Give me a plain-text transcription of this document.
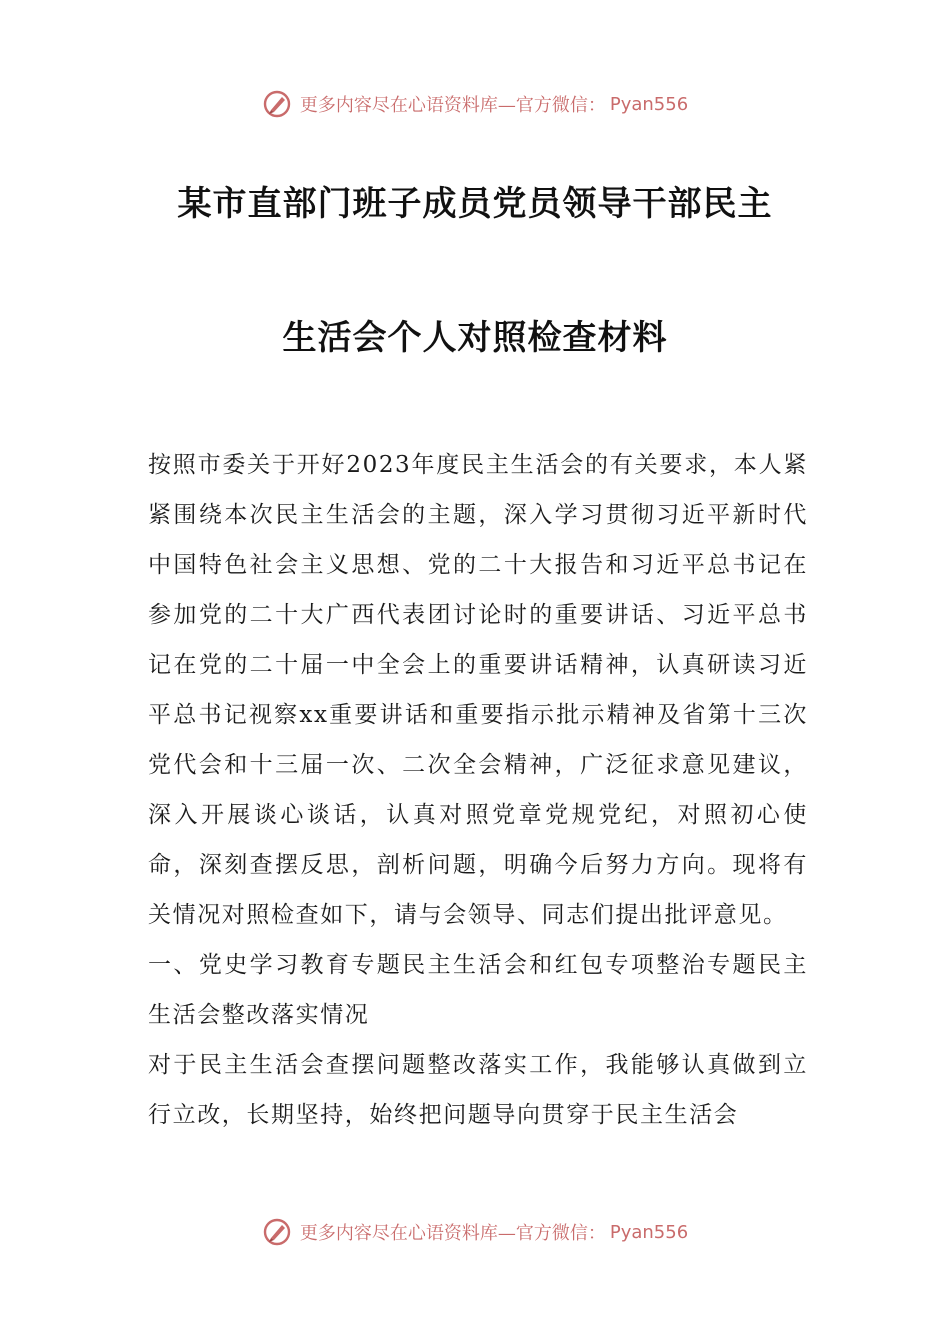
更多内容尽在心语资料库—官方微信： Pyan556
某市直部门班子成员党员领导干部民主
生活会个人对照检查材料

按照市委关于开好2023年度民主生活会的有关要求，本人紧紧围绕本次民主生活会的主题，深入学习贯彻习近平新时代中国特色社会主义思想、党的二十大报告和习近平总书记在参加党的二十大广西代表团讨论时的重要讲话、习近平总书记在党的二十届一中全会上的重要讲话精神，认真研读习近平总书记视察xx重要讲话和重要指示批示精神及省第十三次党代会和十三届一次、二次全会精神，广泛征求意见建议，深入开展谈心谈话，认真对照党章党规党纪，对照初心使命，深刻查摆反思，剖析问题，明确今后努力方向。现将有关情况对照检查如下，请与会领导、同志们提出批评意见。

一、党史学习教育专题民主生活会和红包专项整治专题民主生活会整改落实情况

对于民主生活会查摆问题整改落实工作，我能够认真做到立行立改，长期坚持，始终把问题导向贯穿于民主生活会

更多内容尽在心语资料库—官方微信： Pyan556
